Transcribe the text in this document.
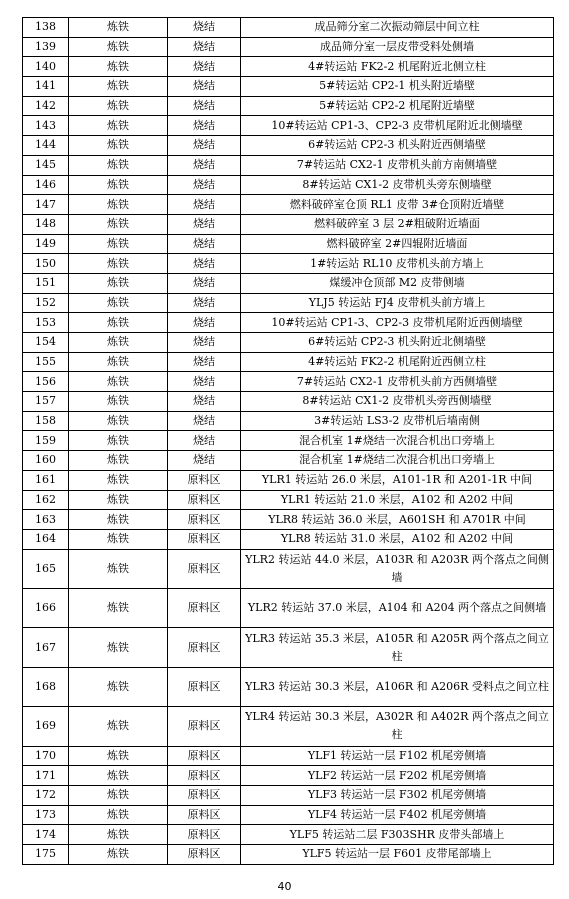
138	炼铁	烧结	成品筛分室二次振动筛层中间立柱
139	炼铁	烧结	成品筛分室一层皮带受料处侧墙
140	炼铁	烧结	4#转运站 FK2-2 机尾附近北侧立柱
141	炼铁	烧结	5#转运站 CP2-1 机头附近墙壁
142	炼铁	烧结	5#转运站 CP2-2 机尾附近墙壁
143	炼铁	烧结	10#转运站 CP1-3、CP2-3 皮带机尾附近北侧墙壁
144	炼铁	烧结	6#转运站 CP2-3 机头附近西侧墙壁
145	炼铁	烧结	7#转运站 CX2-1 皮带机头前方南侧墙壁
146	炼铁	烧结	8#转运站 CX1-2 皮带机头旁东侧墙壁
147	炼铁	烧结	燃料破碎室仓顶 RL1 皮带 3#仓顶附近墙壁
148	炼铁	烧结	燃料破碎室 3 层 2#粗破附近墙面
149	炼铁	烧结	燃料破碎室 2#四辊附近墙面
150	炼铁	烧结	1#转运站 RL10 皮带机头前方墙上
151	炼铁	烧结	煤缓冲仓顶部 M2 皮带侧墙
152	炼铁	烧结	YLJ5 转运站 FJ4 皮带机头前方墙上
153	炼铁	烧结	10#转运站 CP1-3、CP2-3 皮带机尾附近西侧墙壁
154	炼铁	烧结	6#转运站 CP2-3 机头附近北侧墙壁
155	炼铁	烧结	4#转运站 FK2-2 机尾附近西侧立柱
156	炼铁	烧结	7#转运站 CX2-1 皮带机头前方西侧墙壁
157	炼铁	烧结	8#转运站 CX1-2 皮带机头旁西侧墙壁
158	炼铁	烧结	3#转运站 LS3-2 皮带机后墙南侧
159	炼铁	烧结	混合机室 1#烧结一次混合机出口旁墙上
160	炼铁	烧结	混合机室 1#烧结二次混合机出口旁墙上
161	炼铁	原料区	YLR1 转运站 26.0 米层，A101-1R 和 A201-1R 中间
162	炼铁	原料区	YLR1 转运站 21.0 米层，A102 和 A202 中间
163	炼铁	原料区	YLR8 转运站 36.0 米层，A601SH 和 A701R 中间
164	炼铁	原料区	YLR8 转运站 31.0 米层，A102 和 A202 中间
165	炼铁	原料区	YLR2 转运站 44.0 米层，A103R 和 A203R 两个落点之间侧墙
166	炼铁	原料区	YLR2 转运站 37.0 米层，A104 和 A204 两个落点之间侧墙
167	炼铁	原料区	YLR3 转运站 35.3 米层，A105R 和 A205R 两个落点之间立柱
168	炼铁	原料区	YLR3 转运站 30.3 米层，A106R 和 A206R 受料点之间立柱
169	炼铁	原料区	YLR4 转运站 30.3 米层，A302R 和 A402R 两个落点之间立柱
170	炼铁	原料区	YLF1 转运站一层 F102 机尾旁侧墙
171	炼铁	原料区	YLF2 转运站一层 F202 机尾旁侧墙
172	炼铁	原料区	YLF3 转运站一层 F302 机尾旁侧墙
173	炼铁	原料区	YLF4 转运站一层 F402 机尾旁侧墙
174	炼铁	原料区	YLF5 转运站二层 F303SHR 皮带头部墙上
175	炼铁	原料区	YLF5 转运站一层 F601 皮带尾部墙上
40
